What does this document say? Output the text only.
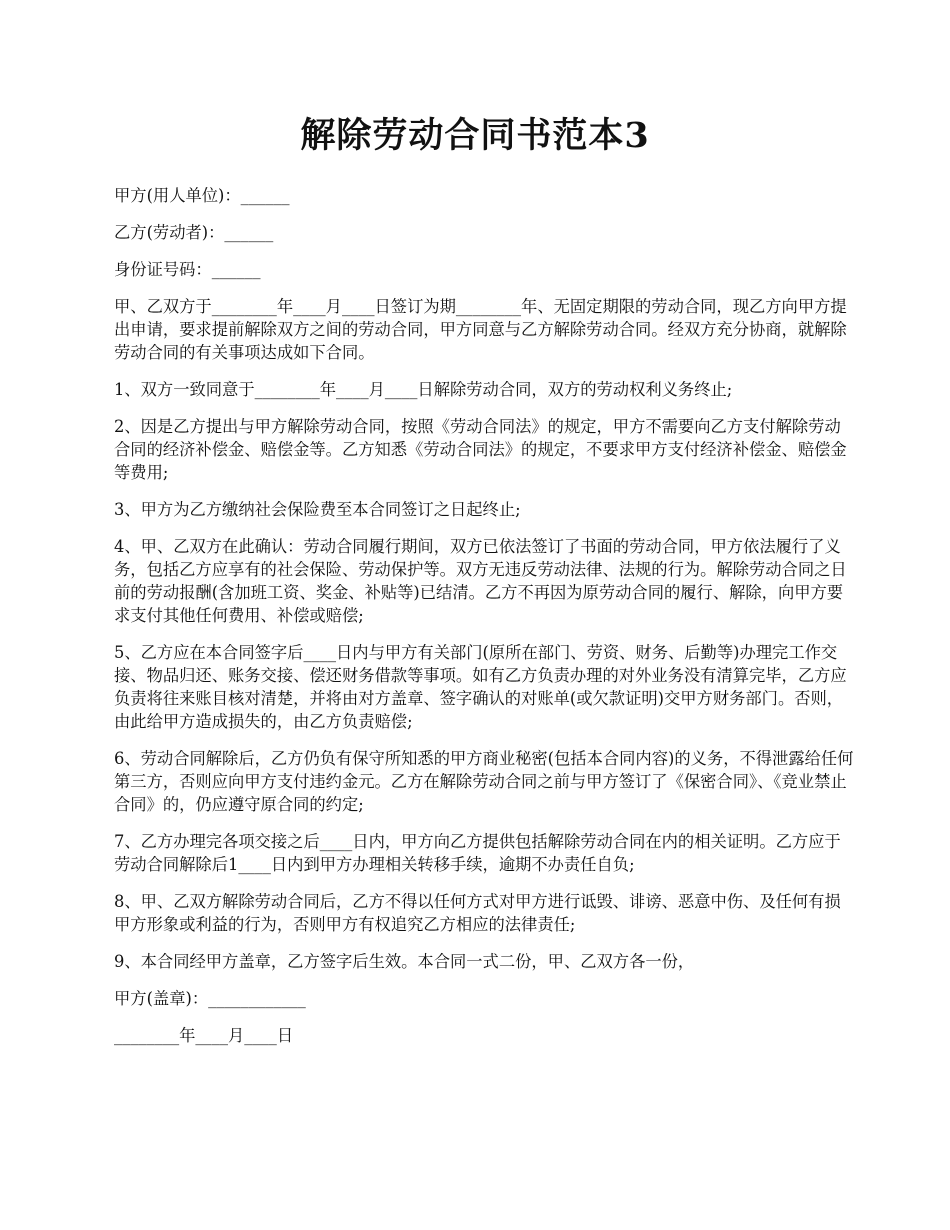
解除劳动合同书范本3

甲方(用人单位)：______

乙方(劳动者)：______

身份证号码：______

甲、乙双方于________年____月____日签订为期________年、无固定期限的劳动合同，现乙方向甲方提出申请，要求提前解除双方之间的劳动合同，甲方同意与乙方解除劳动合同。经双方充分协商，就解除劳动合同的有关事项达成如下合同。

1、双方一致同意于________年____月____日解除劳动合同，双方的劳动权利义务终止;

2、因是乙方提出与甲方解除劳动合同，按照《劳动合同法》的规定，甲方不需要向乙方支付解除劳动合同的经济补偿金、赔偿金等。乙方知悉《劳动合同法》的规定，不要求甲方支付经济补偿金、赔偿金等费用;

3、甲方为乙方缴纳社会保险费至本合同签订之日起终止;

4、甲、乙双方在此确认：劳动合同履行期间，双方已依法签订了书面的劳动合同，甲方依法履行了义务，包括乙方应享有的社会保险、劳动保护等。双方无违反劳动法律、法规的行为。解除劳动合同之日前的劳动报酬(含加班工资、奖金、补贴等)已结清。乙方不再因为原劳动合同的履行、解除，向甲方要求支付其他任何费用、补偿或赔偿;

5、乙方应在本合同签字后____日内与甲方有关部门(原所在部门、劳资、财务、后勤等)办理完工作交接、物品归还、账务交接、偿还财务借款等事项。如有乙方负责办理的对外业务没有清算完毕，乙方应负责将往来账目核对清楚，并将由对方盖章、签字确认的对账单(或欠款证明)交甲方财务部门。否则，由此给甲方造成损失的，由乙方负责赔偿;

6、劳动合同解除后，乙方仍负有保守所知悉的甲方商业秘密(包括本合同内容)的义务，不得泄露给任何第三方，否则应向甲方支付违约金元。乙方在解除劳动合同之前与甲方签订了《保密合同》、《竞业禁止合同》的，仍应遵守原合同的约定;

7、乙方办理完各项交接之后____日内，甲方向乙方提供包括解除劳动合同在内的相关证明。乙方应于劳动合同解除后1____日内到甲方办理相关转移手续，逾期不办责任自负;

8、甲、乙双方解除劳动合同后，乙方不得以任何方式对甲方进行诋毁、诽谤、恶意中伤、及任何有损甲方形象或利益的行为，否则甲方有权追究乙方相应的法律责任;

9、本合同经甲方盖章，乙方签字后生效。本合同一式二份，甲、乙双方各一份，

甲方(盖章)：____________

________年____月____日
